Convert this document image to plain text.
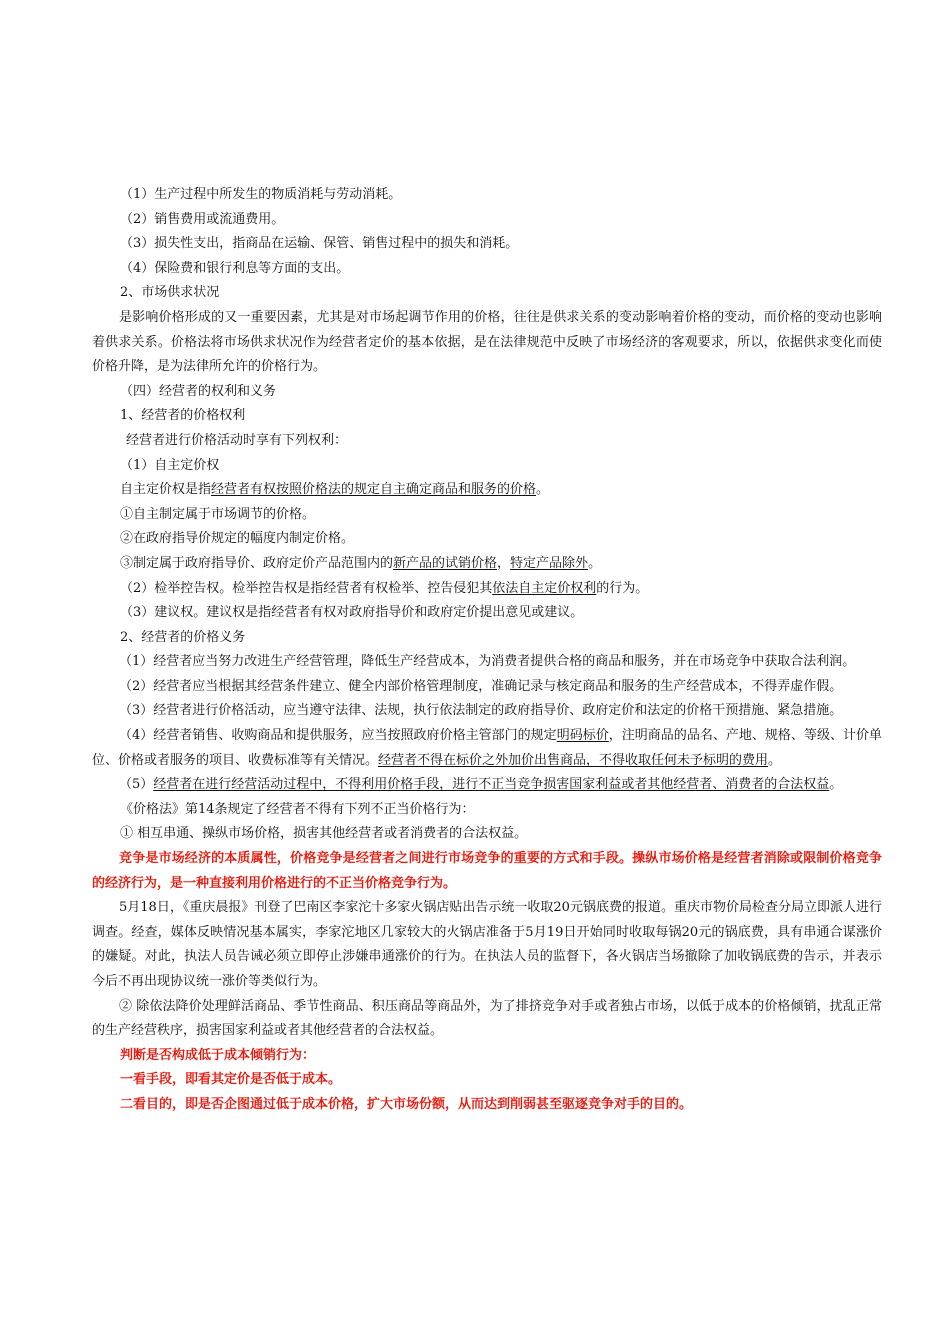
（1）生产过程中所发生的物质消耗与劳动消耗。

（2）销售费用或流通费用。

（3）损失性支出，指商品在运输、保管、销售过程中的损失和消耗。

（4）保险费和银行利息等方面的支出。

2、市场供求状况

是影响价格形成的又一重要因素，尤其是对市场起调节作用的价格，往往是供求关系的变动影响着价格的变动，而价格的变动也影响着供求关系。价格法将市场供求状况作为经营者定价的基本依据，是在法律规范中反映了市场经济的客观要求，所以，依据供求变化而使价格升降，是为法律所允许的价格行为。

（四）经营者的权利和义务

1、经营者的价格权利

经营者进行价格活动时享有下列权利：

（1）自主定价权

自主定价权是指经营者有权按照价格法的规定自主确定商品和服务的价格。

①自主制定属于市场调节的价格。

②在政府指导价规定的幅度内制定价格。

③制定属于政府指导价、政府定价产品范围内的新产品的试销价格，特定产品除外。

（2）检举控告权。检举控告权是指经营者有权检举、控告侵犯其依法自主定价权利的行为。

（3）建议权。建议权是指经营者有权对政府指导价和政府定价提出意见或建议。

2、经营者的价格义务

（1）经营者应当努力改进生产经营管理，降低生产经营成本，为消费者提供合格的商品和服务，并在市场竞争中获取合法利润。

（2）经营者应当根据其经营条件建立、健全内部价格管理制度，准确记录与核定商品和服务的生产经营成本，不得弄虚作假。

（3）经营者进行价格活动，应当遵守法律、法规，执行依法制定的政府指导价、政府定价和法定的价格干预措施、紧急措施。

（4）经营者销售、收购商品和提供服务，应当按照政府价格主管部门的规定明码标价，注明商品的品名、产地、规格、等级、计价单位、价格或者服务的项目、收费标准等有关情况。经营者不得在标价之外加价出售商品，不得收取任何未予标明的费用。

（5）经营者在进行经营活动过程中，不得利用价格手段，进行不正当竞争损害国家利益或者其他经营者、消费者的合法权益。

《价格法》第14条规定了经营者不得有下列不正当价格行为：

① 相互串通、操纵市场价格，损害其他经营者或者消费者的合法权益。

竞争是市场经济的本质属性，价格竞争是经营者之间进行市场竞争的重要的方式和手段。操纵市场价格是经营者消除或限制价格竞争的经济行为，是一种直接利用价格进行的不正当价格竞争行为。

5月18日，《重庆晨报》刊登了巴南区李家沱十多家火锅店贴出告示统一收取20元锅底费的报道。重庆市物价局检查分局立即派人进行调查。经查，媒体反映情况基本属实，李家沱地区几家较大的火锅店准备于5月19日开始同时收取每锅20元的锅底费，具有串通合谋涨价的嫌疑。对此，执法人员告诫必须立即停止涉嫌串通涨价的行为。在执法人员的监督下，各火锅店当场撤除了加收锅底费的告示，并表示今后不再出现协议统一涨价等类似行为。

② 除依法降价处理鲜活商品、季节性商品、积压商品等商品外，为了排挤竞争对手或者独占市场，以低于成本的价格倾销，扰乱正常的生产经营秩序，损害国家利益或者其他经营者的合法权益。

判断是否构成低于成本倾销行为：

一看手段，即看其定价是否低于成本。

二看目的，即是否企图通过低于成本价格，扩大市场份额，从而达到削弱甚至驱逐竞争对手的目的。
